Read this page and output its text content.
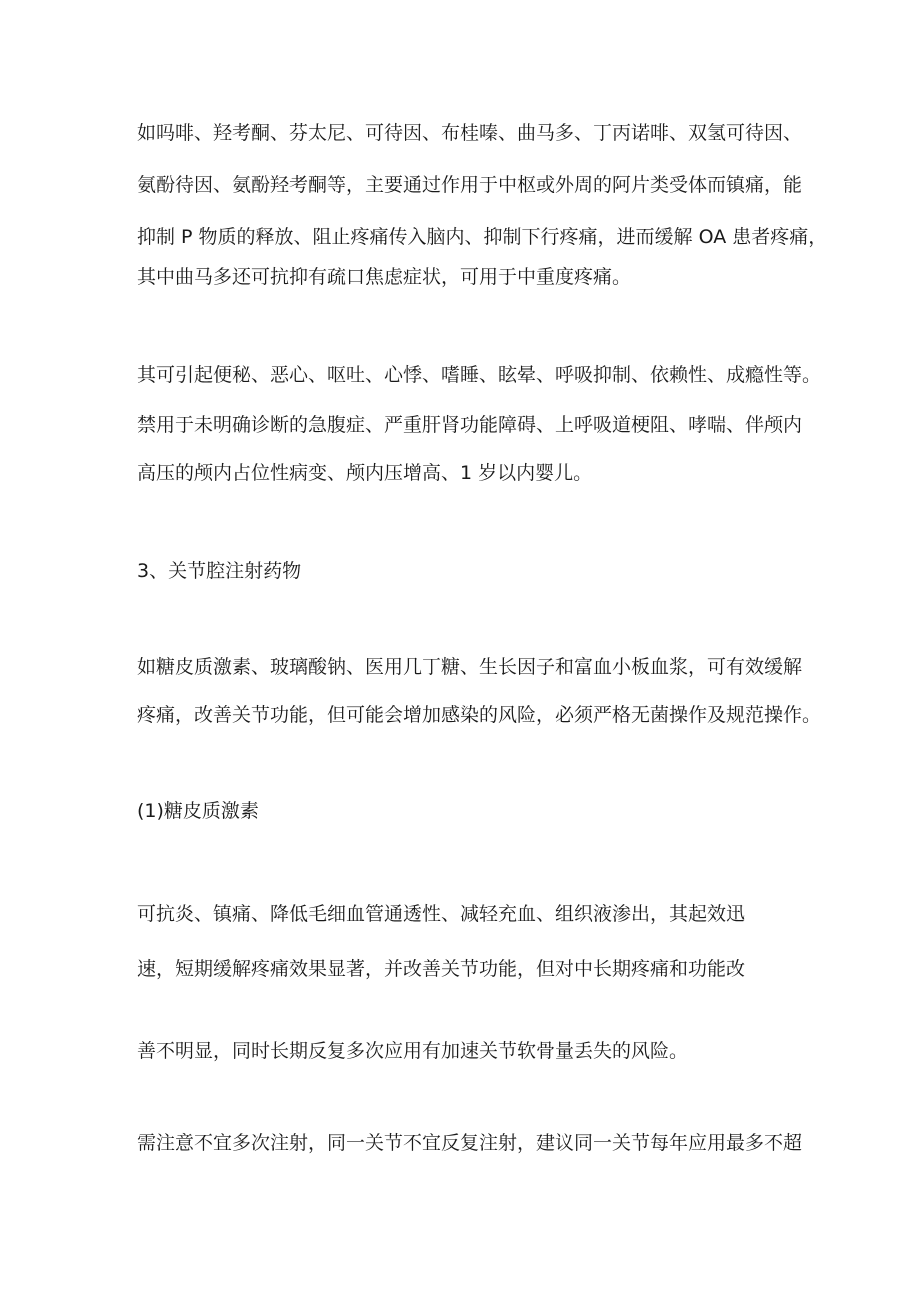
如吗啡、羟考酮、芬太尼、可待因、布桂嗪、曲马多、丁丙诺啡、双氢可待因、

氨酚待因、氨酚羟考酮等，主要通过作用于中枢或外周的阿片类受体而镇痛，能

抑制 P 物质的释放、阻止疼痛传入脑内、抑制下行疼痛，进而缓解 OA 患者疼痛，

其中曲马多还可抗抑有疏口焦虑症状，可用于中重度疼痛。

其可引起便秘、恶心、呕吐、心悸、嗜睡、眩晕、呼吸抑制、依赖性、成瘾性等。

禁用于未明确诊断的急腹症、严重肝肾功能障碍、上呼吸道梗阻、哮喘、伴颅内

高压的颅内占位性病变、颅内压增高、1 岁以内婴儿。

3、关节腔注射药物

如糖皮质激素、玻璃酸钠、医用几丁糖、生长因子和富血小板血浆，可有效缓解

疼痛，改善关节功能，但可能会增加感染的风险，必须严格无菌操作及规范操作。

(1)糖皮质激素

可抗炎、镇痛、降低毛细血管通透性、减轻充血、组织液渗出，其起效迅

速，短期缓解疼痛效果显著，并改善关节功能，但对中长期疼痛和功能改

善不明显，同时长期反复多次应用有加速关节软骨量丢失的风险。

需注意不宜多次注射，同一关节不宜反复注射，建议同一关节每年应用最多不超
